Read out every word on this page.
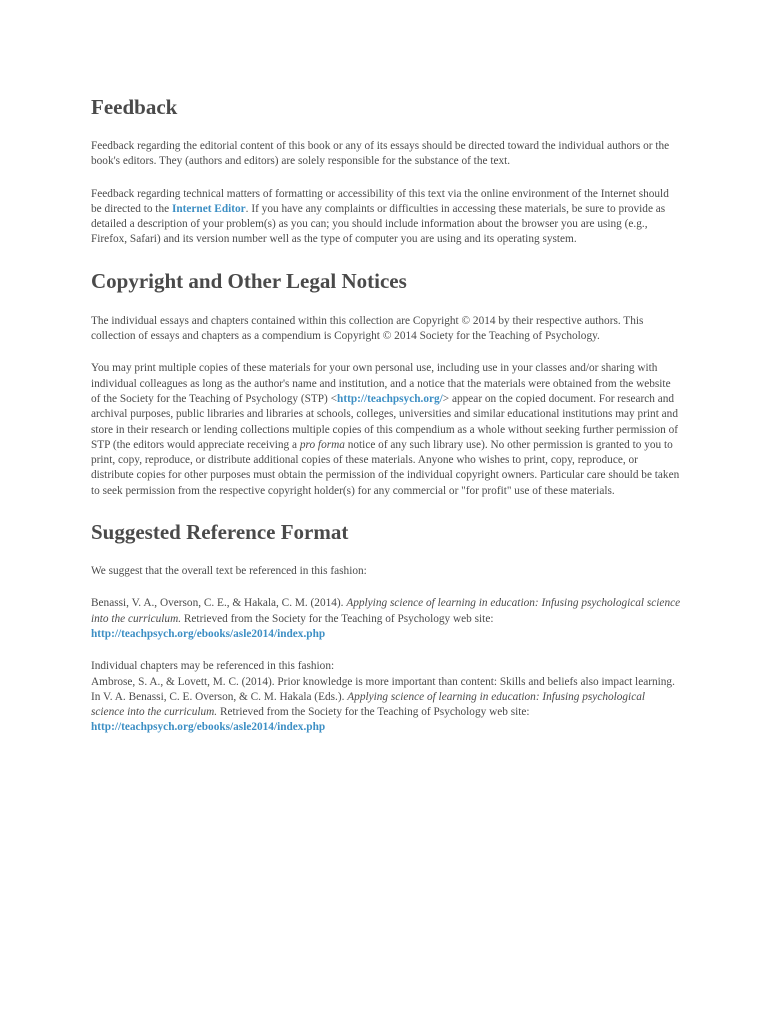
Feedback

Feedback regarding the editorial content of this book or any of its essays should be directed toward the individual authors or the book's editors. They (authors and editors) are solely responsible for the substance of the text.

Feedback regarding technical matters of formatting or accessibility of this text via the online environment of the Internet should be directed to the Internet Editor. If you have any complaints or difficulties in accessing these materials, be sure to provide as detailed a description of your problem(s) as you can; you should include information about the browser you are using (e.g., Firefox, Safari) and its version number well as the type of computer you are using and its operating system.

Copyright and Other Legal Notices

The individual essays and chapters contained within this collection are Copyright © 2014 by their respective authors. This collection of essays and chapters as a compendium is Copyright © 2014 Society for the Teaching of Psychology.

You may print multiple copies of these materials for your own personal use, including use in your classes and/or sharing with individual colleagues as long as the author's name and institution, and a notice that the materials were obtained from the website of the Society for the Teaching of Psychology (STP) <http://teachpsych.org/> appear on the copied document. For research and archival purposes, public libraries and libraries at schools, colleges, universities and similar educational institutions may print and store in their research or lending collections multiple copies of this compendium as a whole without seeking further permission of STP (the editors would appreciate receiving a pro forma notice of any such library use). No other permission is granted to you to print, copy, reproduce, or distribute additional copies of these materials. Anyone who wishes to print, copy, reproduce, or distribute copies for other purposes must obtain the permission of the individual copyright owners. Particular care should be taken to seek permission from the respective copyright holder(s) for any commercial or "for profit" use of these materials.

Suggested Reference Format

We suggest that the overall text be referenced in this fashion:

Benassi, V. A., Overson, C. E., & Hakala, C. M. (2014). Applying science of learning in education: Infusing psychological science into the curriculum. Retrieved from the Society for the Teaching of Psychology web site: http://teachpsych.org/ebooks/asle2014/index.php

Individual chapters may be referenced in this fashion:
Ambrose, S. A., & Lovett, M. C. (2014). Prior knowledge is more important than content: Skills and beliefs also impact learning. In V. A. Benassi, C. E. Overson, & C. M. Hakala (Eds.). Applying science of learning in education: Infusing psychological science into the curriculum. Retrieved from the Society for the Teaching of Psychology web site: http://teachpsych.org/ebooks/asle2014/index.php
